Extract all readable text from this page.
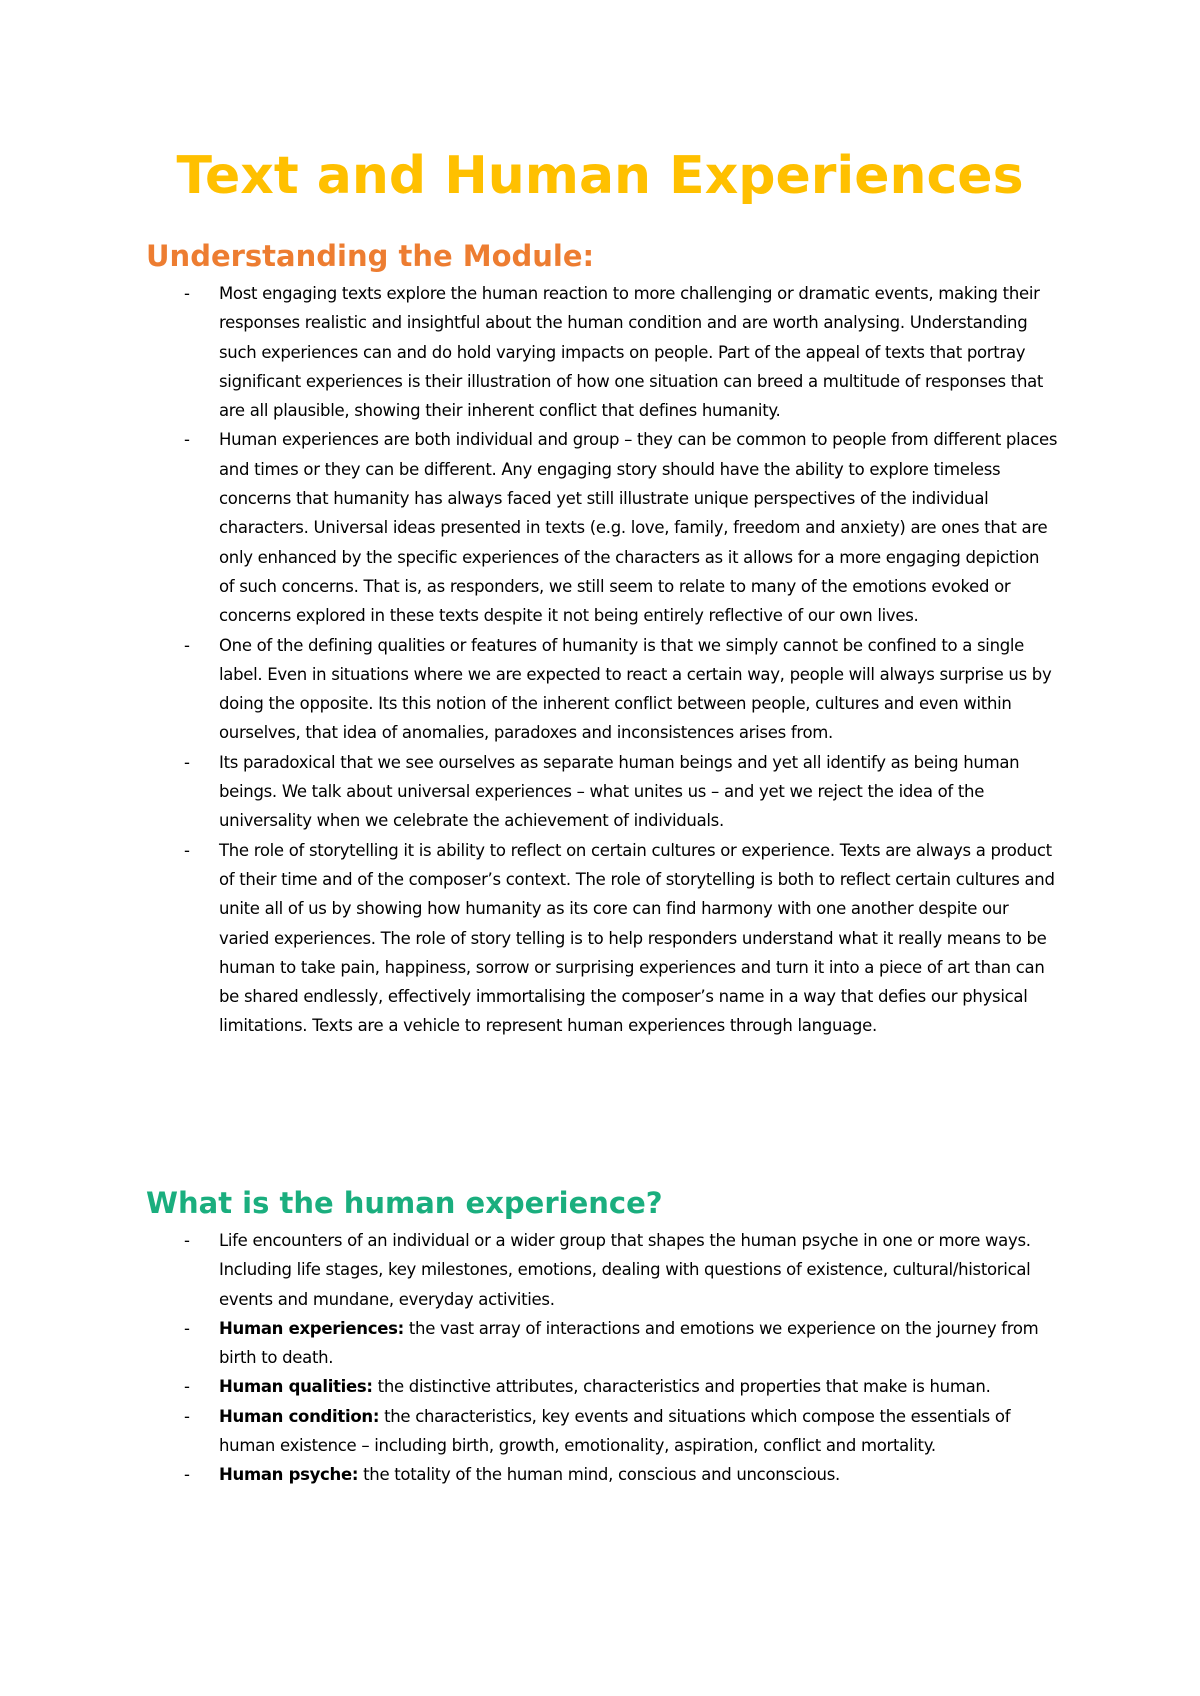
Text and Human Experiences
Understanding the Module:
- Most engaging texts explore the human reaction to more challenging or dramatic events, making their responses realistic and insightful about the human condition and are worth analysing. Understanding such experiences can and do hold varying impacts on people. Part of the appeal of texts that portray significant experiences is their illustration of how one situation can breed a multitude of responses that are all plausible, showing their inherent conflict that defines humanity.
- Human experiences are both individual and group – they can be common to people from different places and times or they can be different. Any engaging story should have the ability to explore timeless concerns that humanity has always faced yet still illustrate unique perspectives of the individual characters. Universal ideas presented in texts (e.g. love, family, freedom and anxiety) are ones that are only enhanced by the specific experiences of the characters as it allows for a more engaging depiction of such concerns. That is, as responders, we still seem to relate to many of the emotions evoked or concerns explored in these texts despite it not being entirely reflective of our own lives.
- One of the defining qualities or features of humanity is that we simply cannot be confined to a single label. Even in situations where we are expected to react a certain way, people will always surprise us by doing the opposite. Its this notion of the inherent conflict between people, cultures and even within ourselves, that idea of anomalies, paradoxes and inconsistences arises from.
- Its paradoxical that we see ourselves as separate human beings and yet all identify as being human beings. We talk about universal experiences – what unites us – and yet we reject the idea of the universality when we celebrate the achievement of individuals.
- The role of storytelling it is ability to reflect on certain cultures or experience. Texts are always a product of their time and of the composer’s context. The role of storytelling is both to reflect certain cultures and unite all of us by showing how humanity as its core can find harmony with one another despite our varied experiences. The role of story telling is to help responders understand what it really means to be human to take pain, happiness, sorrow or surprising experiences and turn it into a piece of art than can be shared endlessly, effectively immortalising the composer’s name in a way that defies our physical limitations. Texts are a vehicle to represent human experiences through language.
What is the human experience?
- Life encounters of an individual or a wider group that shapes the human psyche in one or more ways. Including life stages, key milestones, emotions, dealing with questions of existence, cultural/historical events and mundane, everyday activities.
- Human experiences: the vast array of interactions and emotions we experience on the journey from birth to death.
- Human qualities: the distinctive attributes, characteristics and properties that make is human.
- Human condition: the characteristics, key events and situations which compose the essentials of human existence – including birth, growth, emotionality, aspiration, conflict and mortality.
- Human psyche: the totality of the human mind, conscious and unconscious.
